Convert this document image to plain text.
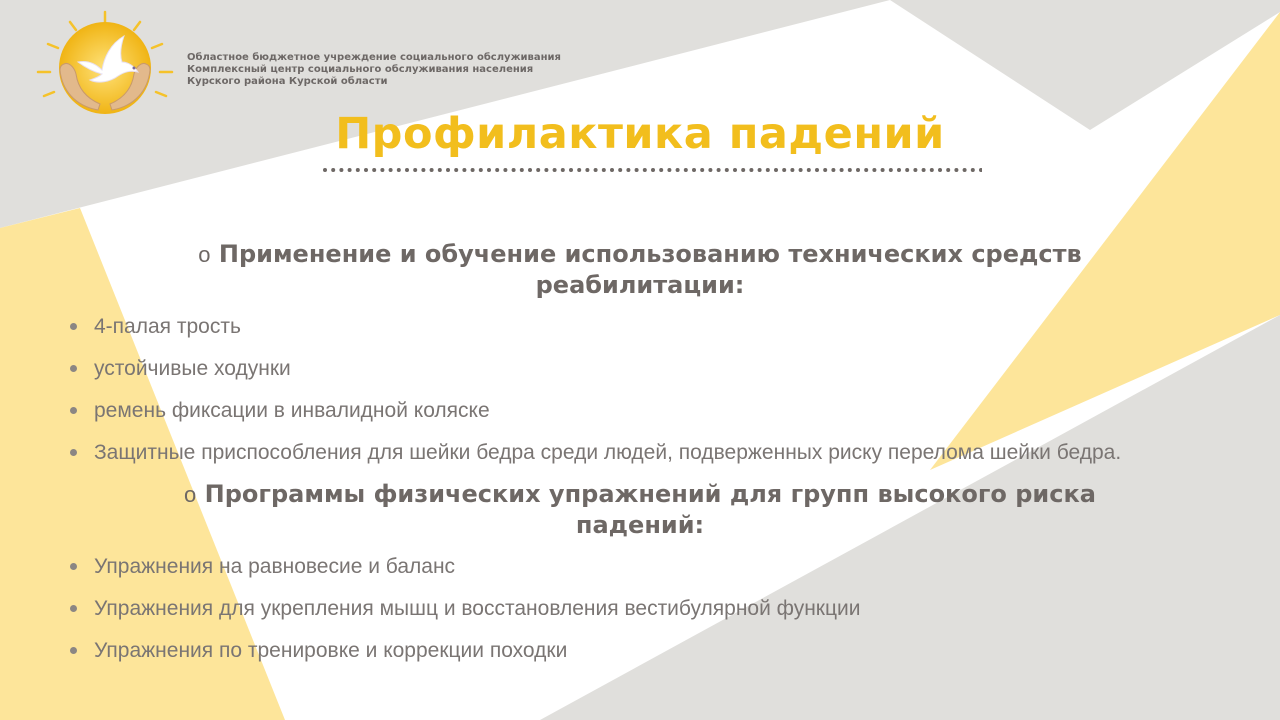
Областное бюджетное учреждение социального обслуживания
Комплексный центр социального обслуживания населения
Курского района Курской области
Профилактика падений
o Применение и обучение использованию технических средств реабилитации:
4-палая трость
устойчивые ходунки
ремень фиксации в инвалидной коляске
Защитные приспособления для шейки бедра среди людей, подверженных риску перелома шейки бедра.
o Программы физических упражнений для групп высокого риска падений:
Упражнения на равновесие и баланс
Упражнения для укрепления мышц и восстановления вестибулярной функции
Упражнения по тренировке и коррекции походки
